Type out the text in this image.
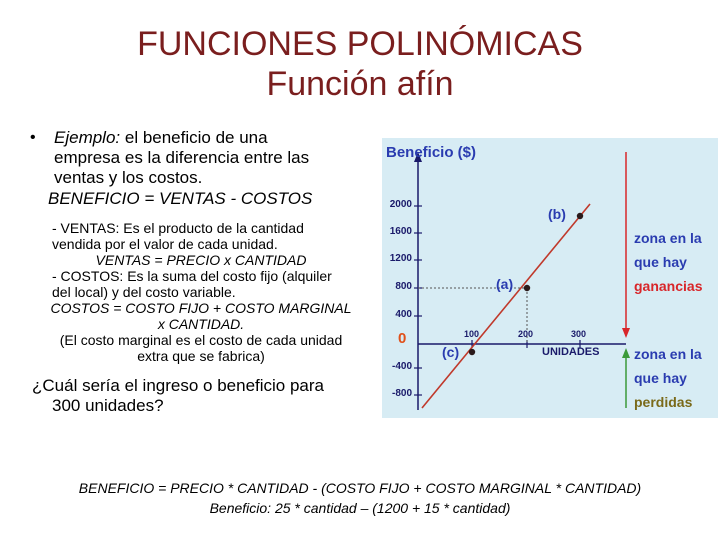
FUNCIONES POLINÓMICAS
Función afín
• Ejemplo: el beneficio de una
empresa es la diferencia entre las
ventas y los costos.
BENEFICIO = VENTAS - COSTOS

- VENTAS: Es el producto de la cantidad

vendida por el valor de cada unidad.

VENTAS = PRECIO x CANTIDAD

- COSTOS: Es la suma del costo fijo (alquiler

del local) y del costo variable.

COSTOS = COSTO FIJO + COSTO MARGINAL

x CANTIDAD.

(El costo marginal es el costo de cada unidad

extra que se fabrica)

¿Cuál sería el ingreso o beneficio para
300 unidades?
Beneficio ($)
2000
1600
1200
800
400
-400
-800
0	100	200	300
UNIDADES
(a)
(b)
(c)
zona en la
que hay
ganancias
zona en la
que hay
perdidas
BENEFICIO = PRECIO * CANTIDAD - (COSTO FIJO + COSTO MARGINAL * CANTIDAD)
Beneficio: 25 * cantidad – (1200 + 15 * cantidad)
